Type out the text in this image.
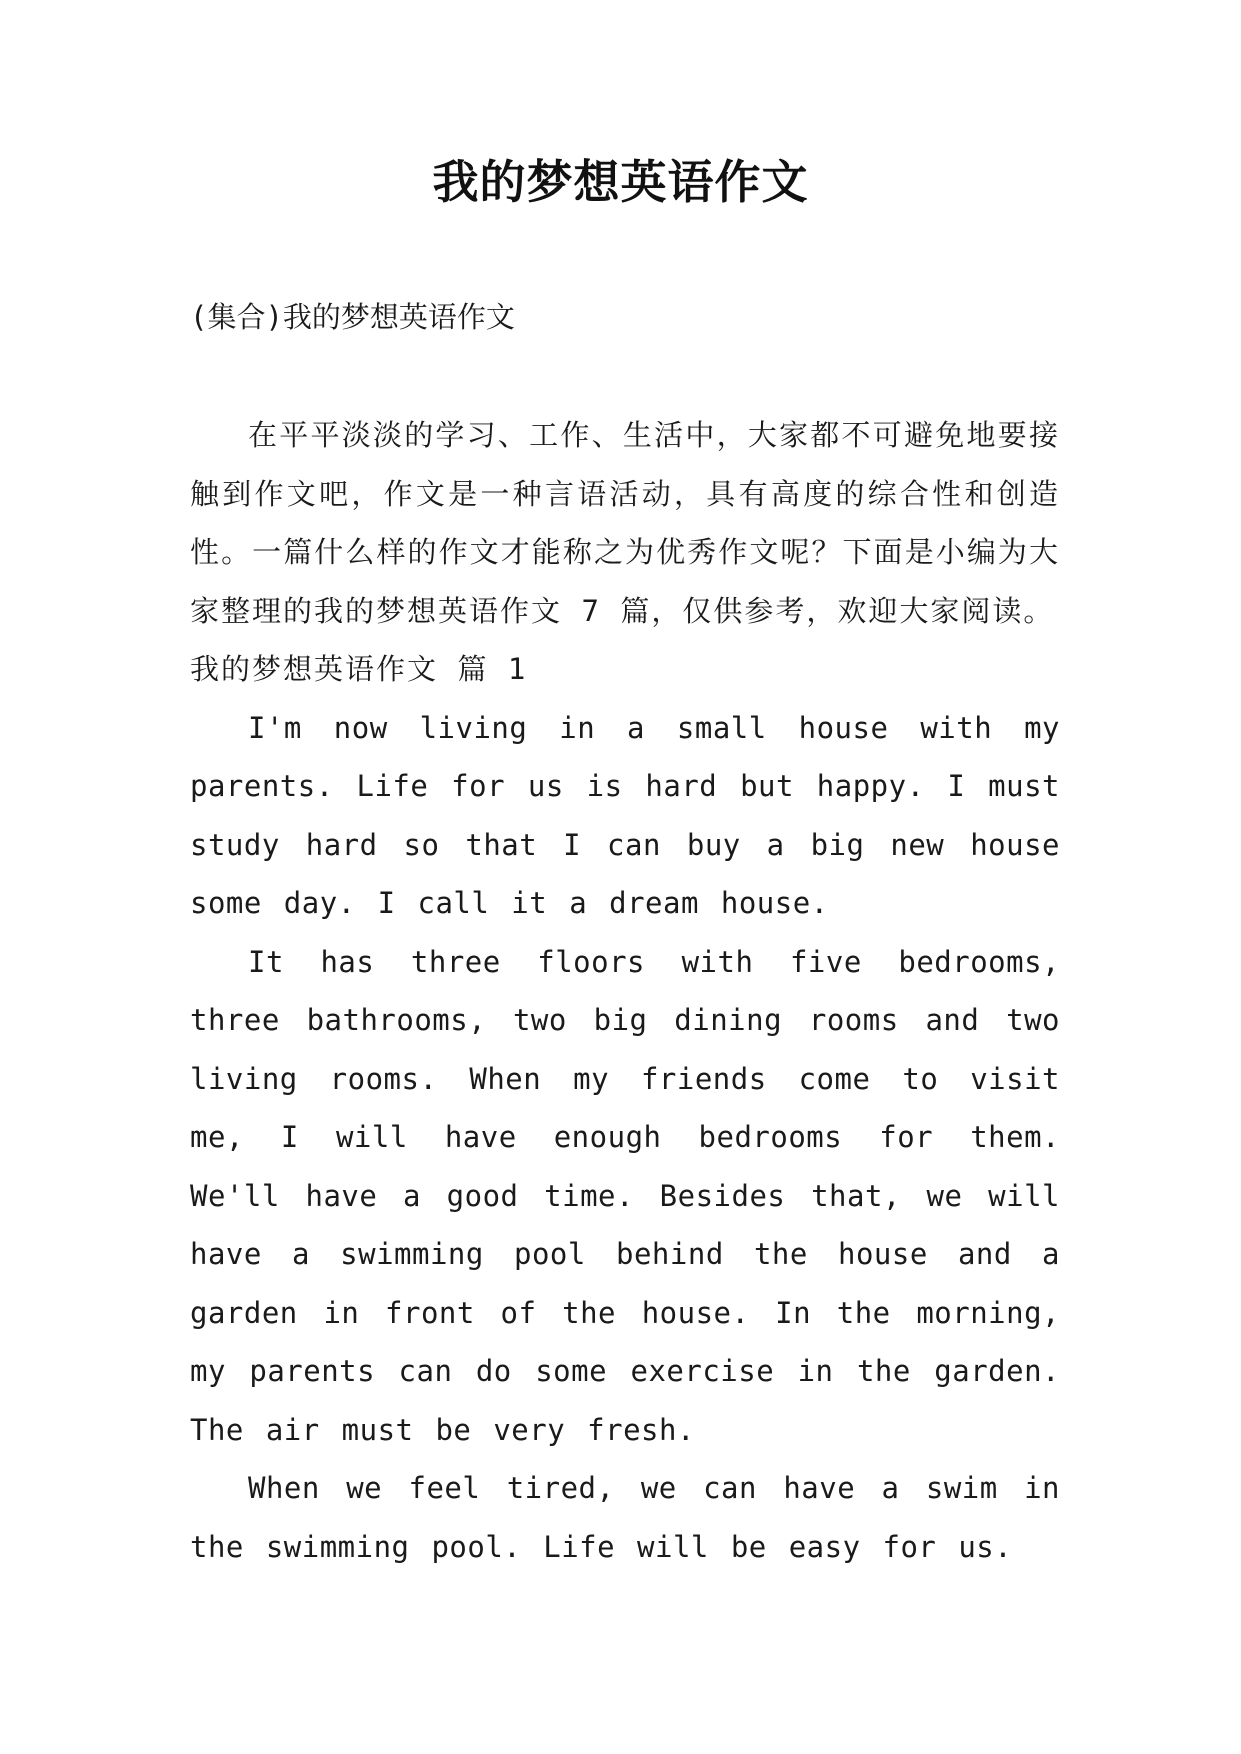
我的梦想英语作文

(集合)我的梦想英语作文

在平平淡淡的学习、工作、生活中，大家都不可避免地要接触到作文吧，作文是一种言语活动，具有高度的综合性和创造性。一篇什么样的作文才能称之为优秀作文呢？下面是小编为大家整理的我的梦想英语作文 7 篇，仅供参考，欢迎大家阅读。

我的梦想英语作文 篇 1

I'm now living in a small house with my parents. Life for us is hard but happy. I must study hard so that I can buy a big new house some day. I call it a dream house.

It has three floors with five bedrooms, three bathrooms, two big dining rooms and two living rooms. When my friends come to visit me, I will have enough bedrooms for them. We'll have a good time. Besides that, we will have a swimming pool behind the house and a garden in front of the house. In the morning, my parents can do some exercise in the garden. The air must be very fresh.

When we feel tired, we can have a swim in the swimming pool. Life will be easy for us.
